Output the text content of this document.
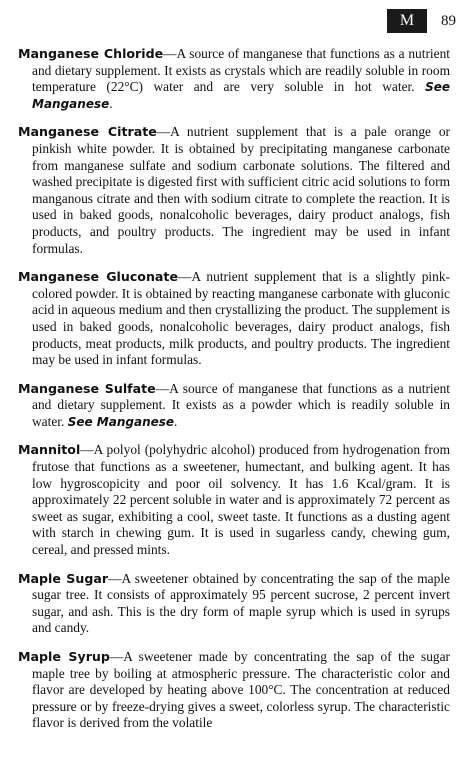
M 89

Manganese Chloride—A source of manganese that functions as a nutrient and dietary supplement. It exists as crystals which are readily soluble in room temperature (22°C) water and are very soluble in hot water. See Manganese.

Manganese Citrate—A nutrient supplement that is a pale orange or pinkish white powder. It is obtained by precipitating manganese carbonate from manganese sulfate and sodium carbonate solutions. The filtered and washed precipitate is digested first with sufficient citric acid solutions to form manganous citrate and then with sodium citrate to complete the reaction. It is used in baked goods, nonalcoholic beverages, dairy product analogs, fish products, and poultry products. The ingredient may be used in infant formulas.

Manganese Gluconate—A nutrient supplement that is a slightly pink-colored powder. It is obtained by reacting manganese carbonate with gluconic acid in aqueous medium and then crystallizing the product. The supplement is used in baked goods, nonalcoholic beverages, dairy product analogs, fish products, meat products, milk products, and poultry products. The ingredient may be used in infant formulas.

Manganese Sulfate—A source of manganese that functions as a nutrient and dietary supplement. It exists as a powder which is readily soluble in water. See Manganese.

Mannitol—A polyol (polyhydric alcohol) produced from hydrogenation from frutose that functions as a sweetener, humectant, and bulking agent. It has low hygroscopicity and poor oil solvency. It has 1.6 Kcal/gram. It is approximately 22 percent soluble in water and is approximately 72 percent as sweet as sugar, exhibiting a cool, sweet taste. It functions as a dusting agent with starch in chewing gum. It is used in sugarless candy, chewing gum, cereal, and pressed mints.

Maple Sugar—A sweetener obtained by concentrating the sap of the maple sugar tree. It consists of approximately 95 percent sucrose, 2 percent invert sugar, and ash. This is the dry form of maple syrup which is used in syrups and candy.

Maple Syrup—A sweetener made by concentrating the sap of the sugar maple tree by boiling at atmospheric pressure. The characteristic color and flavor are developed by heating above 100°C. The concentration at reduced pressure or by freeze-drying gives a sweet, colorless syrup. The characteristic flavor is derived from the volatile
